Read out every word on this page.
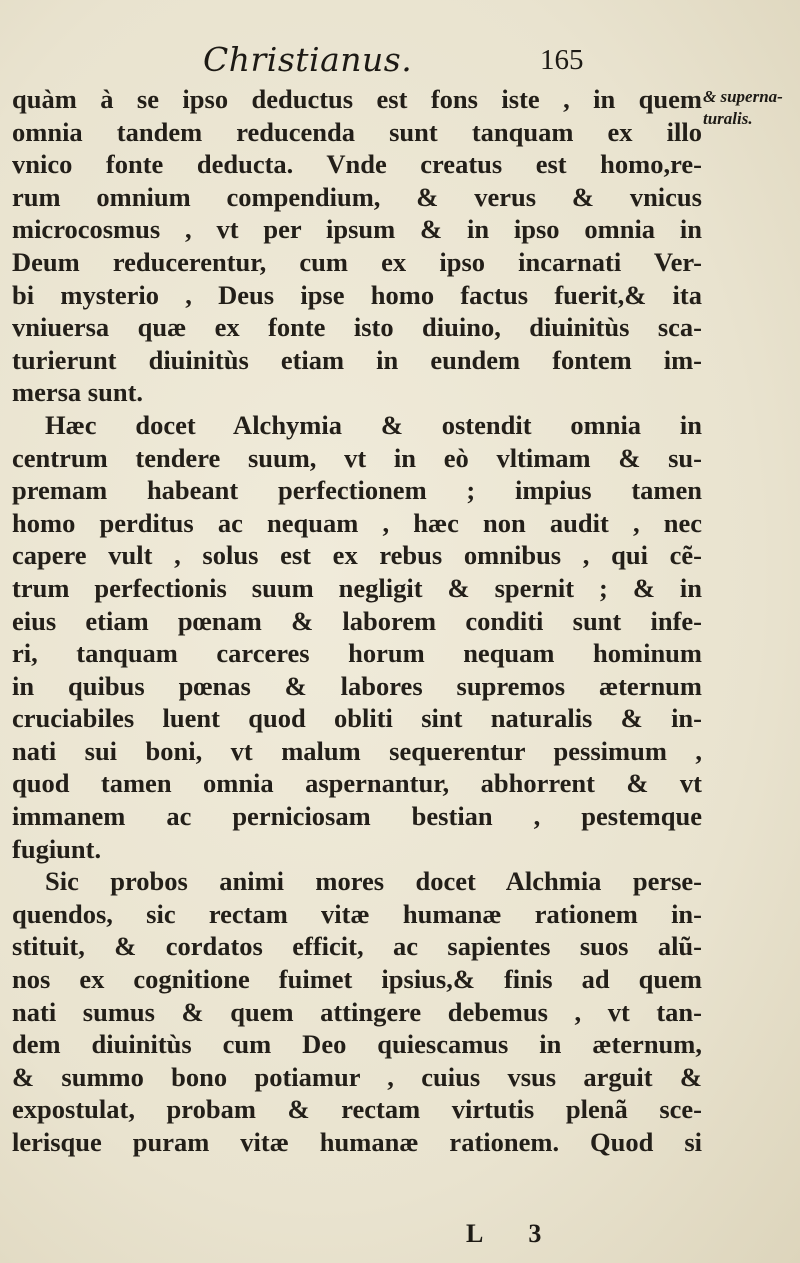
Christianus.	165
& superna-
turalis.
quàm à se ipso deductus est fons iste , in quem
omnia tandem reducenda sunt tanquam ex illo
vnico fonte deducta. Vnde creatus est homo,re-
rum omnium compendium, & verus & vnicus
microcosmus , vt per ipsum & in ipso omnia in
Deum reducerentur, cum ex ipso incarnati Ver-
bi mysterio , Deus ipse homo factus fuerit,& ita
vniuersa quæ ex fonte isto diuino, diuinitùs sca-
turierunt diuinitùs etiam in eundem fontem im-
mersa sunt.
Hæc docet Alchymia & ostendit omnia in
centrum tendere suum, vt in eò vltimam & su-
premam habeant perfectionem ; impius tamen
homo perditus ac nequam , hæc non audit , nec
capere vult , solus est ex rebus omnibus , qui cẽ-
trum perfectionis suum negligit & spernit ; & in
eius etiam pœnam & laborem conditi sunt infe-
ri, tanquam carceres horum nequam hominum
in quibus pœnas & labores supremos æternum
cruciabiles luent quod obliti sint naturalis & in-
nati sui boni, vt malum sequerentur pessimum ,
quod tamen omnia aspernantur, abhorrent & vt
immanem ac perniciosam bestian , pestemque
fugiunt.
Sic probos animi mores docet Alchmia perse-
quendos, sic rectam vitæ humanæ rationem in-
stituit, & cordatos efficit, ac sapientes suos alũ-
nos ex cognitione fuimet ipsius,& finis ad quem
nati sumus & quem attingere debemus , vt tan-
dem diuinitùs cum Deo quiescamus in æternum,
& summo bono potiamur , cuius vsus arguit &
expostulat, probam & rectam virtutis plenã sce-
lerisque puram vitæ humanæ rationem. Quod si
L 3
